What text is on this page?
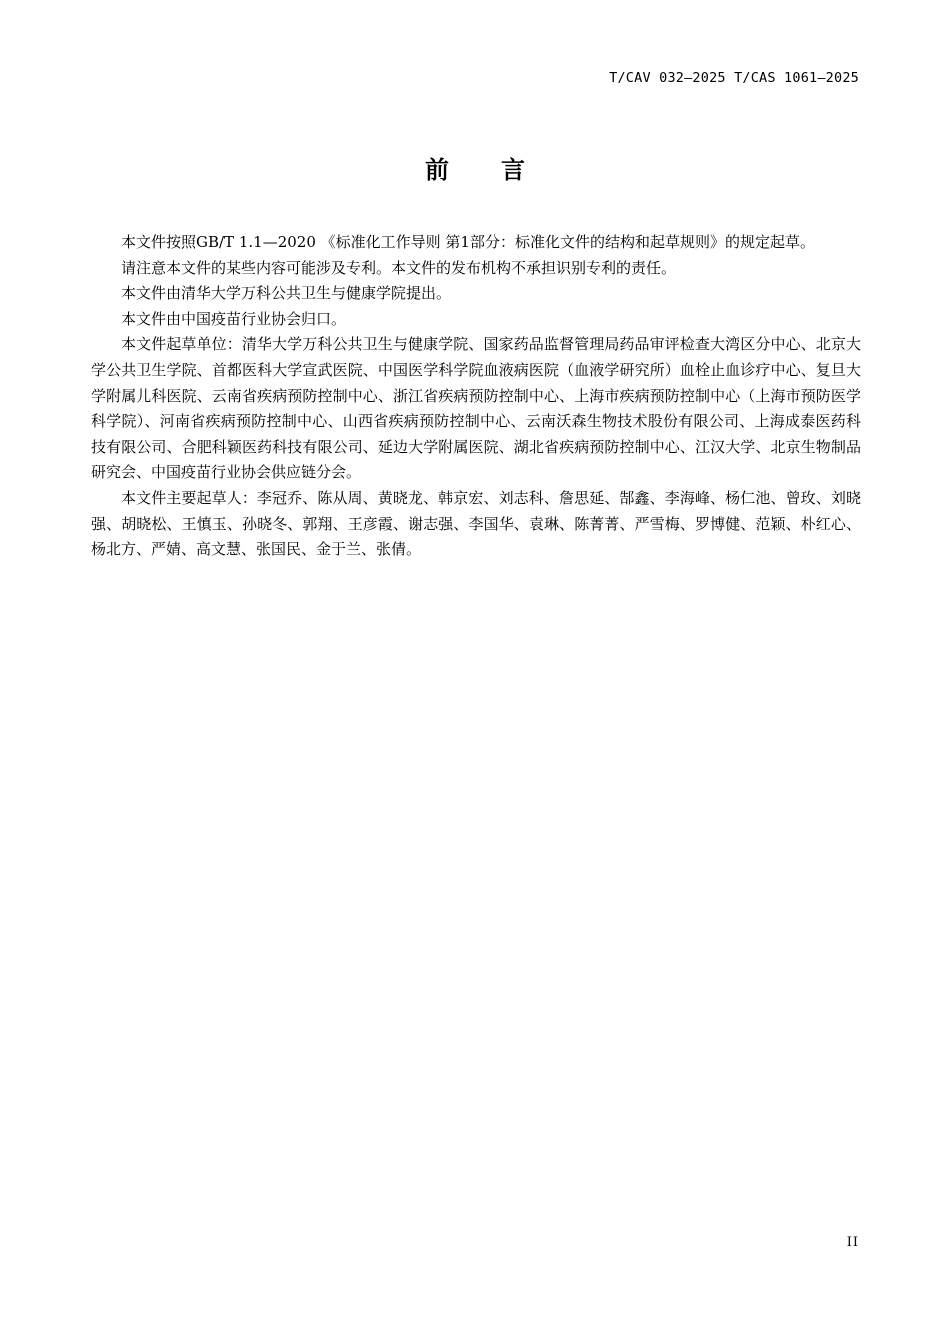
T/CAV 032—2025 T/CAS 1061—2025
前 言

本文件按照GB/T 1.1—2020 《标准化工作导则 第1部分：标准化文件的结构和起草规则》的规定起草。

请注意本文件的某些内容可能涉及专利。本文件的发布机构不承担识别专利的责任。

本文件由清华大学万科公共卫生与健康学院提出。

本文件由中国疫苗行业协会归口。

本文件起草单位：清华大学万科公共卫生与健康学院、国家药品监督管理局药品审评检查大湾区分中心、北京大学公共卫生学院、首都医科大学宣武医院、中国医学科学院血液病医院（血液学研究所）血栓止血诊疗中心、复旦大学附属儿科医院、云南省疾病预防控制中心、浙江省疾病预防控制中心、上海市疾病预防控制中心（上海市预防医学科学院）、河南省疾病预防控制中心、山西省疾病预防控制中心、云南沃森生物技术股份有限公司、上海成泰医药科技有限公司、合肥科颖医药科技有限公司、延边大学附属医院、湖北省疾病预防控制中心、江汉大学、北京生物制品研究会、中国疫苗行业协会供应链分会。

本文件主要起草人：李冠乔、陈从周、黄晓龙、韩京宏、刘志科、詹思延、郜鑫、李海峰、杨仁池、曾玫、刘晓强、胡晓松、王慎玉、孙晓冬、郭翔、王彦霞、谢志强、李国华、袁琳、陈菁菁、严雪梅、罗博健、范颖、朴红心、杨北方、严婧、高文慧、张国民、金于兰、张倩。

II
